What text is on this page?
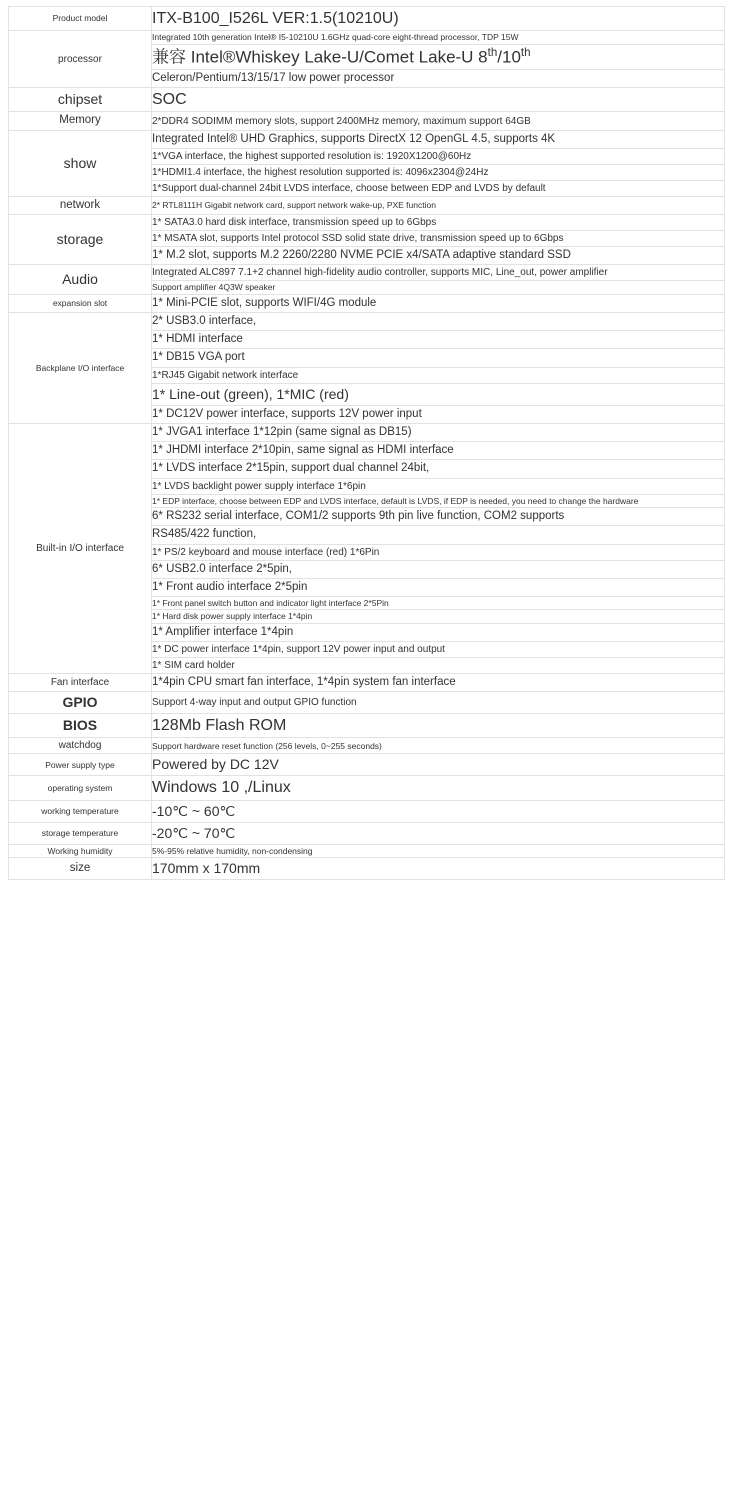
Product model	ITX-B100_I526L VER:1.5(10210U)

processor	Integrated 10th generation Intel® I5-10210U 1.6GHz quad-core eight-thread processor, TDP 15W

	兼容 Intel®Whiskey Lake-U/Comet Lake-U 8th/10th

	Celeron/Pentium/13/15/17 low power processor

chipset	SOC

Memory	2*DDR4 SODIMM memory slots, support 2400MHz memory, maximum support 64GB

show	Integrated Intel® UHD Graphics, supports DirectX 12 OpenGL 4.5, supports 4K

	1*VGA interface, the highest supported resolution is: 1920X1200@60Hz

	1*HDMI1.4 interface, the highest resolution supported is: 4096x2304@24Hz

	1*Support dual-channel 24bit LVDS interface, choose between EDP and LVDS by default

network	2* RTL8111H Gigabit network card, support network wake-up, PXE function

storage	1* SATA3.0 hard disk interface, transmission speed up to 6Gbps

	1* MSATA slot, supports Intel protocol SSD solid state drive, transmission speed up to 6Gbps

	1* M.2 slot, supports M.2 2260/2280 NVME PCIE x4/SATA adaptive standard SSD

Audio	Integrated ALC897 7.1+2 channel high-fidelity audio controller, supports MIC, Line_out, power amplifier

	Support amplifier 4Q3W speaker

expansion slot	1* Mini-PCIE slot, supports WIFI/4G module

Backplane I/O interface	2* USB3.0 interface,

	1* HDMI interface

	1* DB15 VGA port

	1*RJ45 Gigabit network interface

	1* Line-out (green), 1*MIC (red)

	1* DC12V power interface, supports 12V power input

Built-in I/O interface	1* JVGA1 interface 1*12pin (same signal as DB15)

	1* JHDMI interface 2*10pin, same signal as HDMI interface

	1* LVDS interface 2*15pin, support dual channel 24bit,

	1* LVDS backlight power supply interface 1*6pin

	1* EDP interface, choose between EDP and LVDS interface, default is LVDS, if EDP is needed, you need to change the hardware

	6* RS232 serial interface, COM1/2 supports 9th pin live function, COM2 supports

	RS485/422 function,

	1* PS/2 keyboard and mouse interface (red) 1*6Pin

	6* USB2.0 interface 2*5pin,

	1* Front audio interface 2*5pin

	1* Front panel switch button and indicator light interface 2*5Pin

	1* Hard disk power supply interface 1*4pin

	1* Amplifier interface 1*4pin

	1* DC power interface 1*4pin, support 12V power input and output

	1* SIM card holder

Fan interface	1*4pin CPU smart fan interface, 1*4pin system fan interface

GPIO	Support 4-way input and output GPIO function

BIOS	128Mb Flash ROM

watchdog	Support hardware reset function (256 levels, 0~255 seconds)

Power supply type	Powered by DC 12V

operating system	Windows 10 ,/Linux

working temperature	-10℃ ~ 60℃

storage temperature	-20℃ ~ 70℃

Working humidity	5%-95% relative humidity, non-condensing

size	170mm x 170mm
